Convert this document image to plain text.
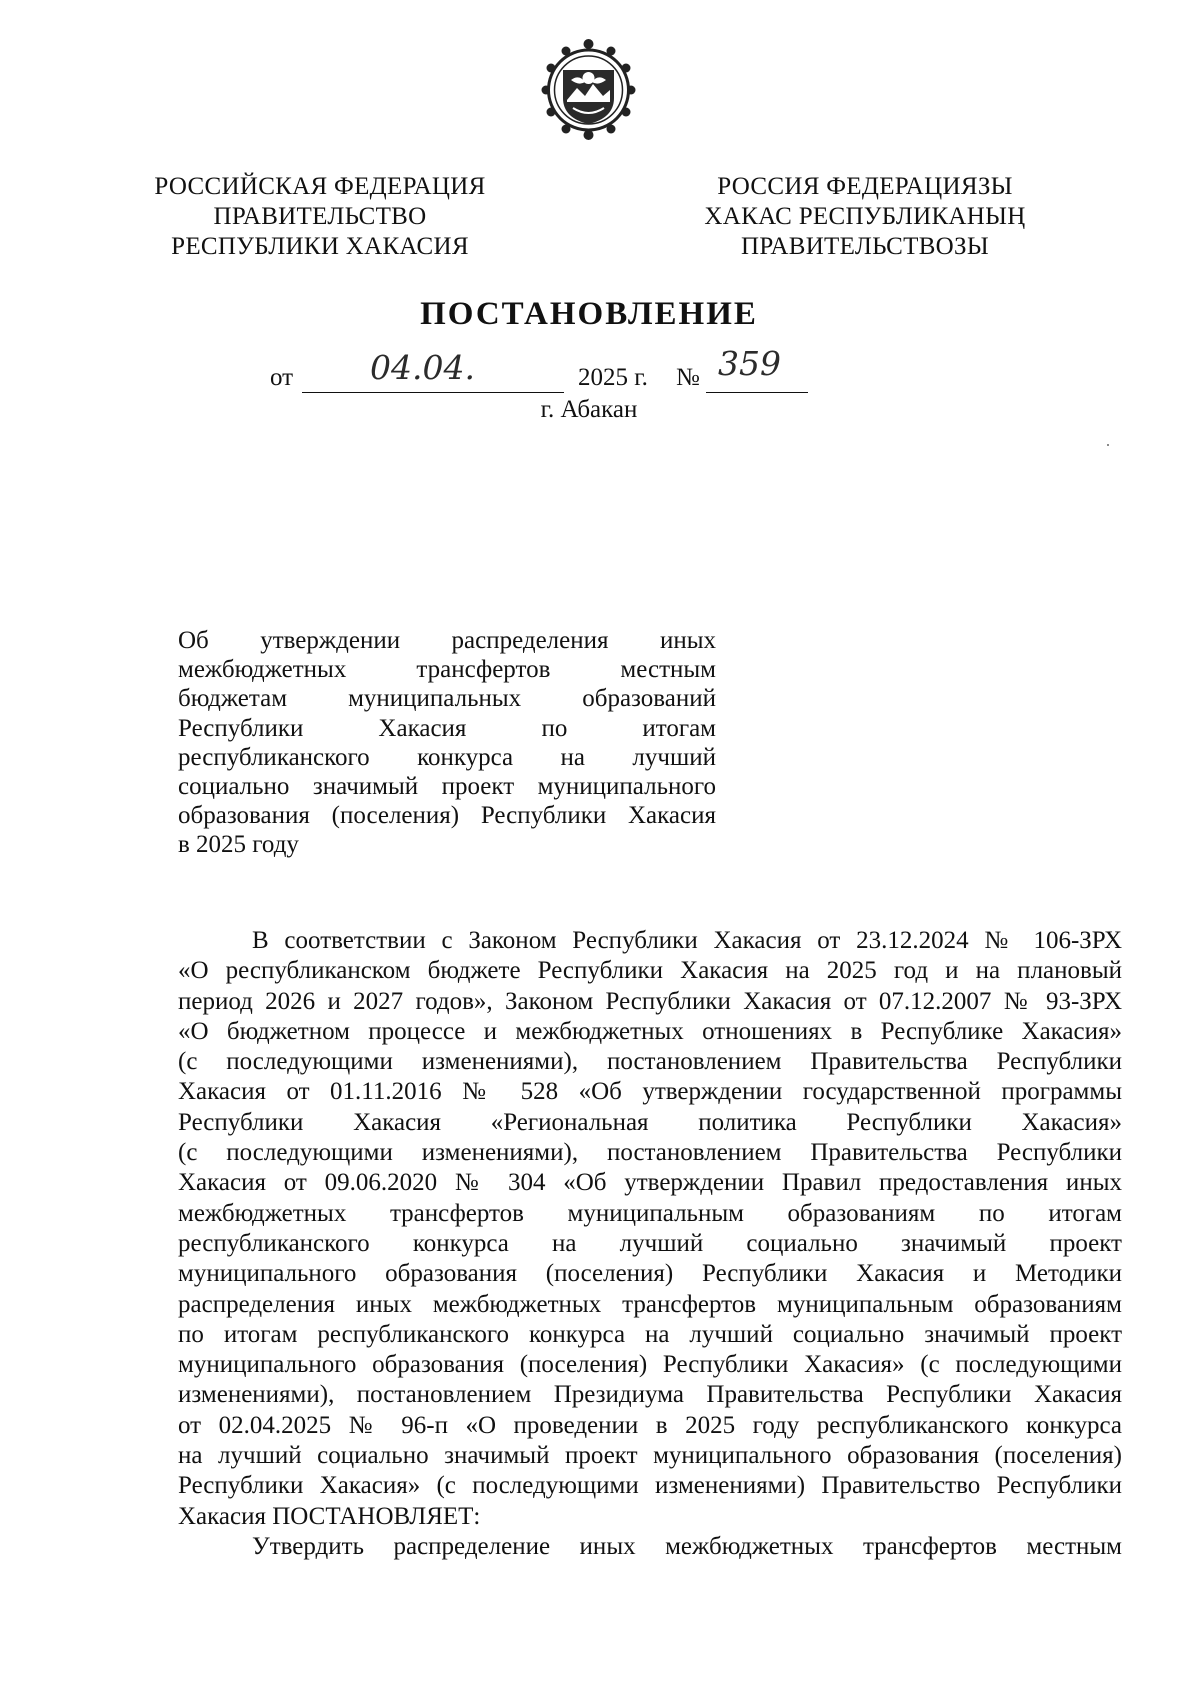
РОССИЙСКАЯ ФЕДЕРАЦИЯ
ПРАВИТЕЛЬСТВО
РЕСПУБЛИКИ ХАКАСИЯ
РОССИЯ ФЕДЕРАЦИЯЗЫ
ХАКАС РЕСПУБЛИКАНЫҢ
ПРАВИТЕЛЬСТВОЗЫ
ПОСТАНОВЛЕНИЕ
от 04.04.	2025 г. № 359
г. Абакан
Об утверждении распределения иных
межбюджетных трансфертов местным
бюджетам муниципальных образований
Республики Хакасия по итогам
республиканского конкурса на лучший
социально значимый проект муниципального
образования (поселения) Республики Хакасия
в 2025 году
В соответствии с Законом Республики Хакасия от 23.12.2024 № 106-ЗРХ
«О республиканском бюджете Республики Хакасия на 2025 год и на плановый
период 2026 и 2027 годов», Законом Республики Хакасия от 07.12.2007 № 93-ЗРХ
«О бюджетном процессе и межбюджетных отношениях в Республике Хакасия»
(с последующими изменениями), постановлением Правительства Республики
Хакасия от 01.11.2016 № 528 «Об утверждении государственной программы
Республики Хакасия «Региональная политика Республики Хакасия»
(с последующими изменениями), постановлением Правительства Республики
Хакасия от 09.06.2020 № 304 «Об утверждении Правил предоставления иных
межбюджетных трансфертов муниципальным образованиям по итогам
республиканского конкурса на лучший социально значимый проект
муниципального образования (поселения) Республики Хакасия и Методики
распределения иных межбюджетных трансфертов муниципальным образованиям
по итогам республиканского конкурса на лучший социально значимый проект
муниципального образования (поселения) Республики Хакасия» (с последующими
изменениями), постановлением Президиума Правительства Республики Хакасия
от 02.04.2025 № 96-п «О проведении в 2025 году республиканского конкурса
на лучший социально значимый проект муниципального образования (поселения)
Республики Хакасия» (с последующими изменениями) Правительство Республики
Хакасия ПОСТАНОВЛЯЕТ:
Утвердить распределение иных межбюджетных трансфертов местным
